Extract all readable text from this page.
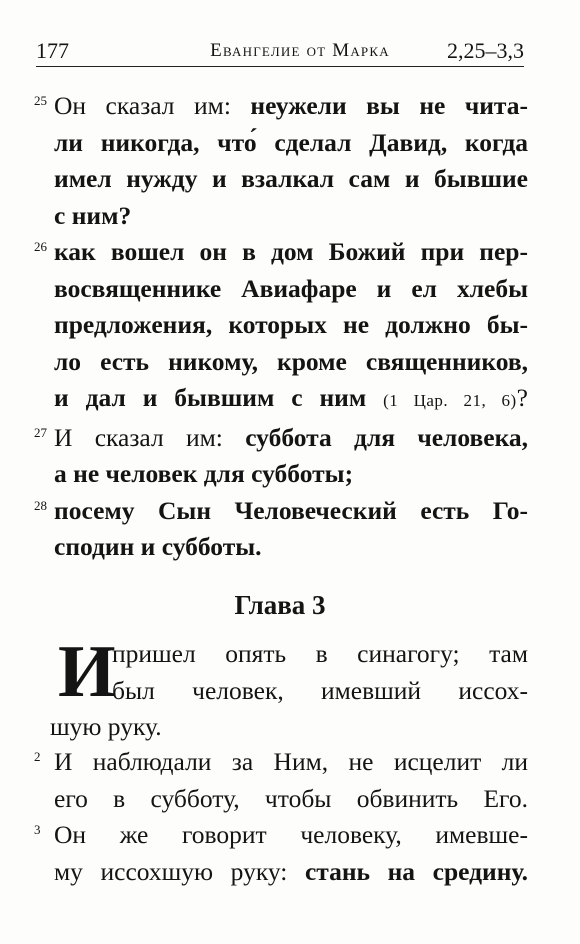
177	Евангелие от Марка	2,25–3,3
25 Он сказал им: неужели вы не чита-
ли никогда, что́ сделал Давид, когда
имел нужду и взалкал сам и бывшие
с ним?
26 как вошел он в дом Божий при пер-
восвященнике Авиафаре и ел хлебы
предложения, которых не должно бы-
ло есть никому, кроме священников,
и дал и бывшим с ним (1 Цар. 21, 6)?
27 И сказал им: суббота для человека,
а не человек для субботы;
28 посему Сын Человеческий есть Го-
сподин и субботы.
Глава 3
И
пришел опять в синагогу; там
был человек, имевший иссох-
шую руку.
2 И наблюдали за Ним, не исцелит ли
его в субботу, чтобы обвинить Его.
3 Он же говорит человеку, имевше-
му иссохшую руку: стань на средину.
